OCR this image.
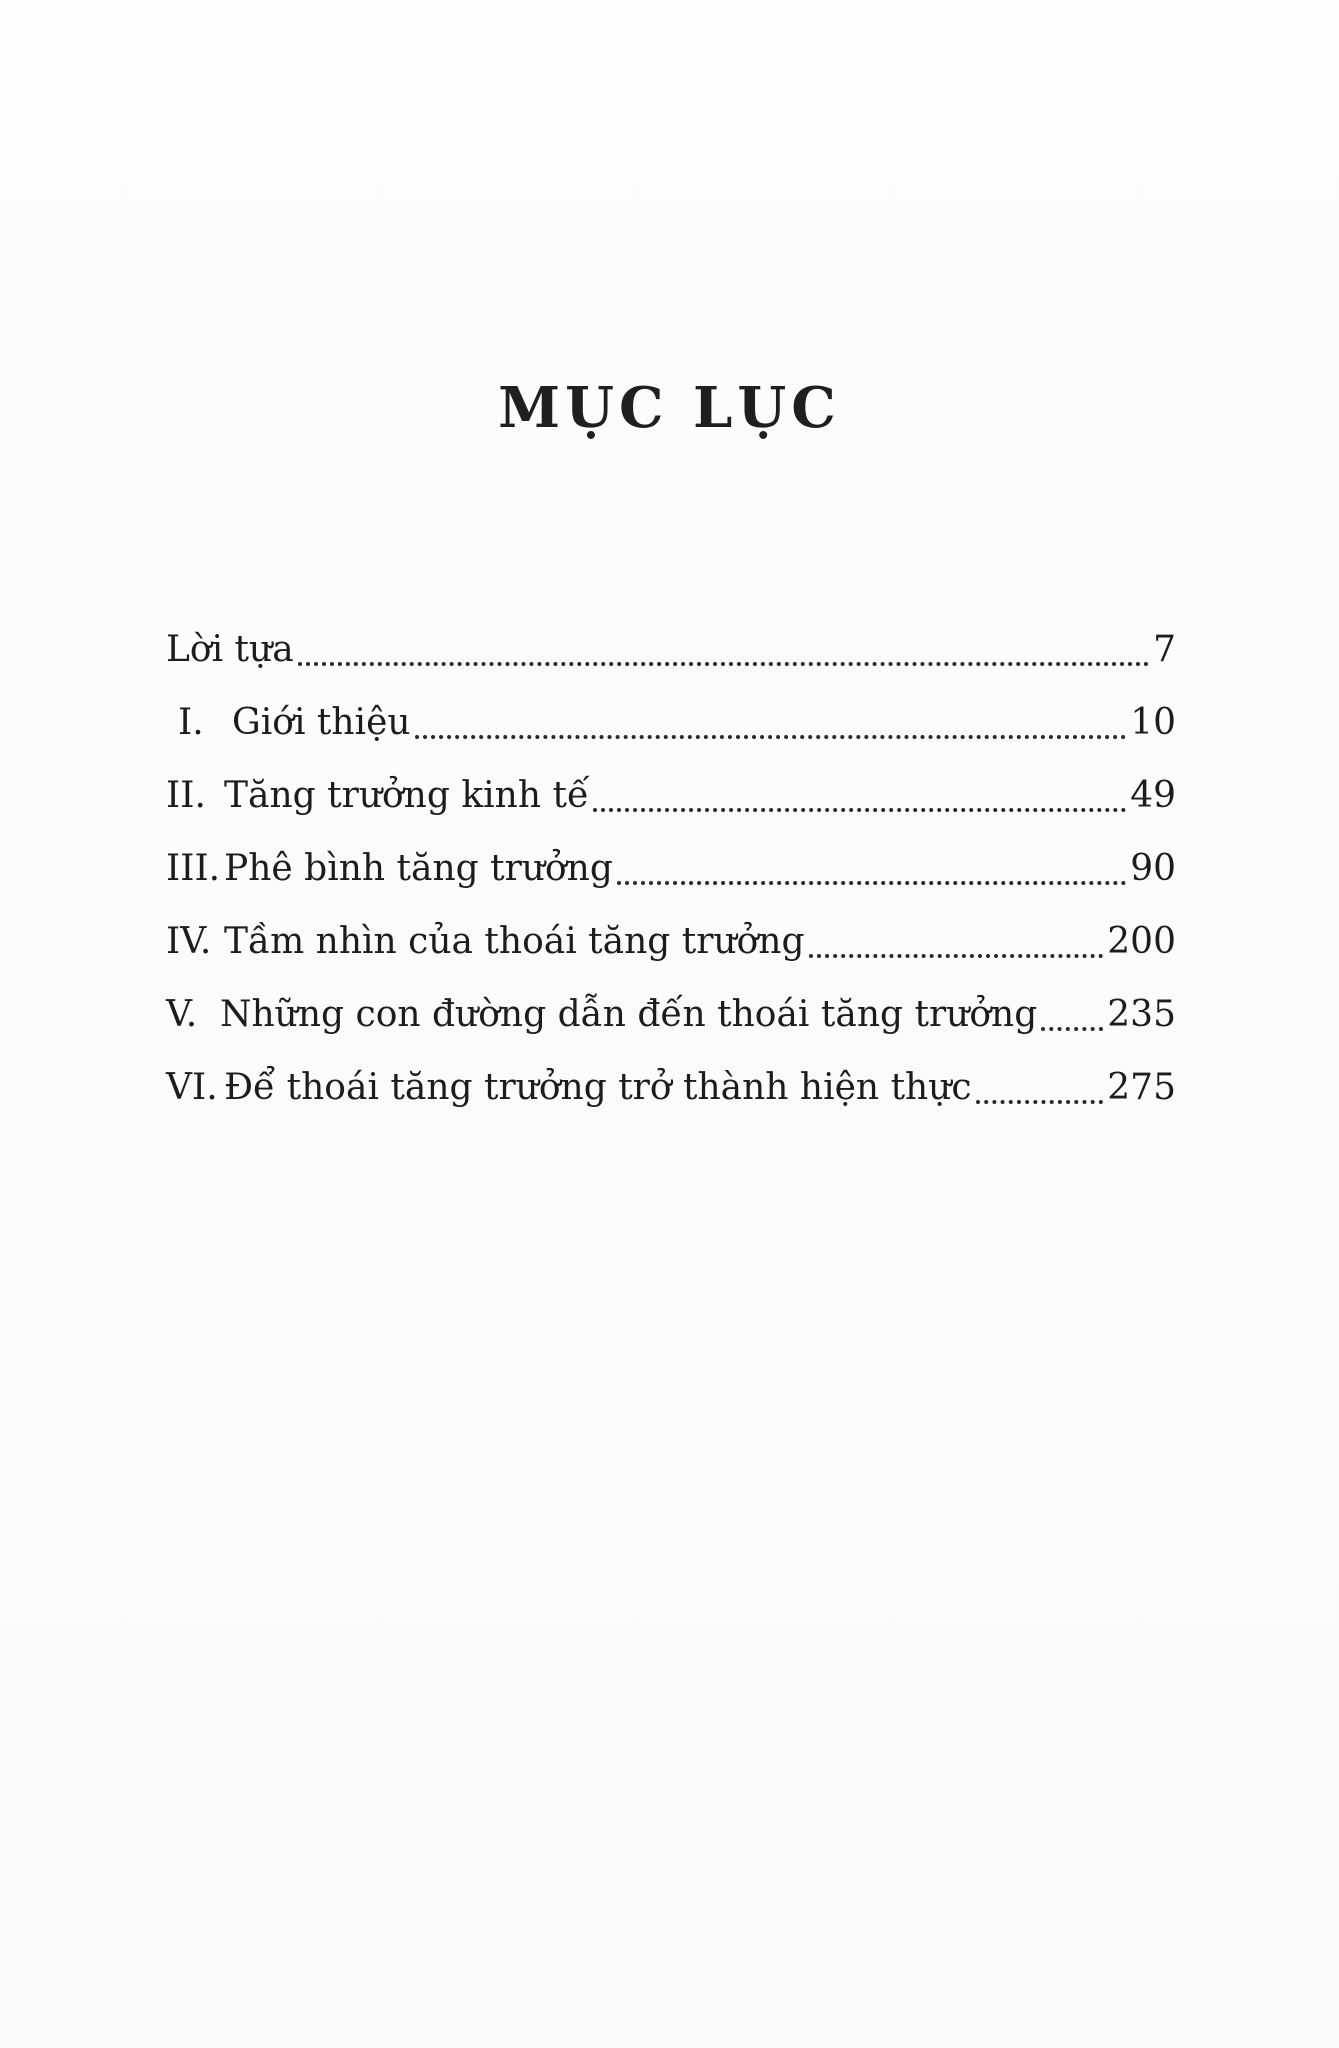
MỤC LỤC
Lời tựa	7
I. Giới thiệu	10
II. Tăng trưởng kinh tế	49
III. Phê bình tăng trưởng	90
IV. Tầm nhìn của thoái tăng trưởng	200
V. Những con đường dẫn đến thoái tăng trưởng 235
VI. Để thoái tăng trưởng trở thành hiện thực	275
